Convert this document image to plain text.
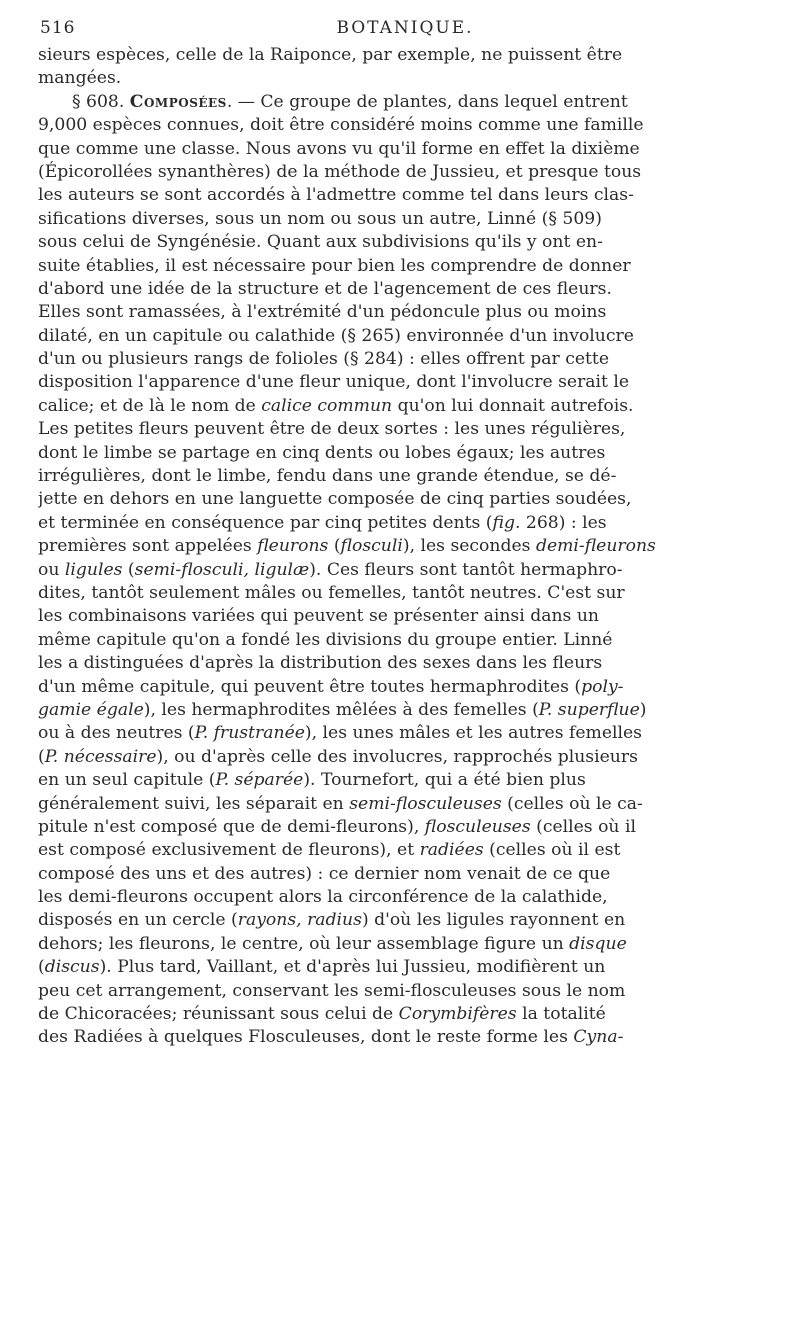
516	BOTANIQUE.
sieurs espèces, celle de la Raiponce, par exemple, ne puissent être
mangées.
§ 608. Composées. — Ce groupe de plantes, dans lequel entrent
9,000 espèces connues, doit être considéré moins comme une famille
que comme une classe. Nous avons vu qu'il forme en effet la dixième
(Épicorollées synanthères) de la méthode de Jussieu, et presque tous
les auteurs se sont accordés à l'admettre comme tel dans leurs clas-
sifications diverses, sous un nom ou sous un autre, Linné (§ 509)
sous celui de Syngénésie. Quant aux subdivisions qu'ils y ont en-
suite établies, il est nécessaire pour bien les comprendre de donner
d'abord une idée de la structure et de l'agencement de ces fleurs.
Elles sont ramassées, à l'extrémité d'un pédoncule plus ou moins
dilaté, en un capitule ou calathide (§ 265) environnée d'un involucre
d'un ou plusieurs rangs de folioles (§ 284) : elles offrent par cette
disposition l'apparence d'une fleur unique, dont l'involucre serait le
calice; et de là le nom de calice commun qu'on lui donnait autrefois.
Les petites fleurs peuvent être de deux sortes : les unes régulières,
dont le limbe se partage en cinq dents ou lobes égaux; les autres
irrégulières, dont le limbe, fendu dans une grande étendue, se dé-
jette en dehors en une languette composée de cinq parties soudées,
et terminée en conséquence par cinq petites dents (fig. 268) : les
premières sont appelées fleurons (flosculi), les secondes demi-fleurons
ou ligules (semi-flosculi, ligulæ). Ces fleurs sont tantôt hermaphro-
dites, tantôt seulement mâles ou femelles, tantôt neutres. C'est sur
les combinaisons variées qui peuvent se présenter ainsi dans un
même capitule qu'on a fondé les divisions du groupe entier. Linné
les a distinguées d'après la distribution des sexes dans les fleurs
d'un même capitule, qui peuvent être toutes hermaphrodites (poly-
gamie égale), les hermaphrodites mêlées à des femelles (P. superflue)
ou à des neutres (P. frustranée), les unes mâles et les autres femelles
(P. nécessaire), ou d'après celle des involucres, rapprochés plusieurs
en un seul capitule (P. séparée). Tournefort, qui a été bien plus
généralement suivi, les séparait en semi-flosculeuses (celles où le ca-
pitule n'est composé que de demi-fleurons), flosculeuses (celles où il
est composé exclusivement de fleurons), et radiées (celles où il est
composé des uns et des autres) : ce dernier nom venait de ce que
les demi-fleurons occupent alors la circonférence de la calathide,
disposés en un cercle (rayons, radius) d'où les ligules rayonnent en
dehors; les fleurons, le centre, où leur assemblage figure un disque
(discus). Plus tard, Vaillant, et d'après lui Jussieu, modifièrent un
peu cet arrangement, conservant les semi-flosculeuses sous le nom
de Chicoracées; réunissant sous celui de Corymbifères la totalité
des Radiées à quelques Flosculeuses, dont le reste forme les Cyna-
